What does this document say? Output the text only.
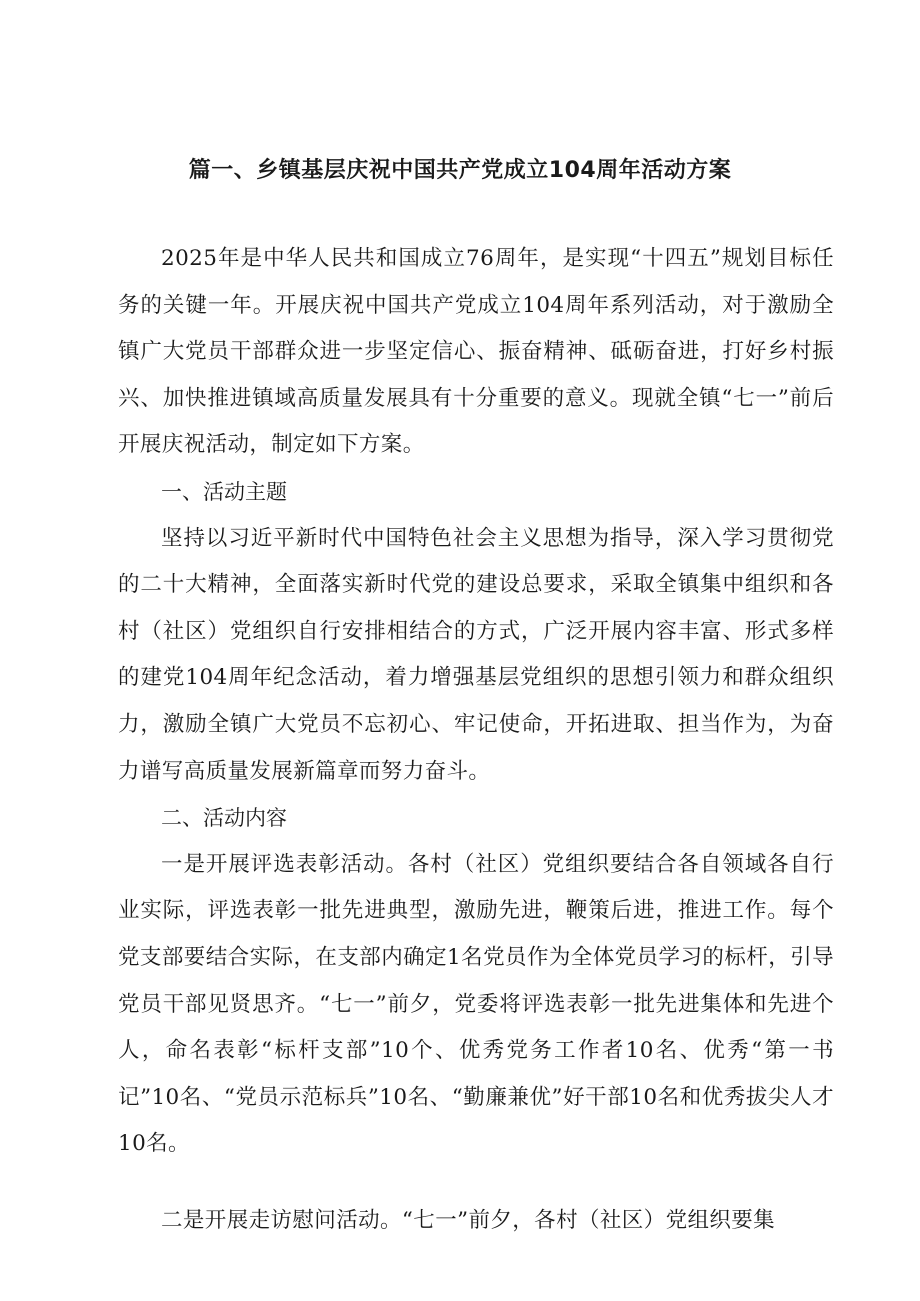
篇一、乡镇基层庆祝中国共产党成立104周年活动方案

2025年是中华人民共和国成立76周年，是实现“十四五”规划目标任务的关键一年。开展庆祝中国共产党成立104周年系列活动，对于激励全镇广大党员干部群众进一步坚定信心、振奋精神、砥砺奋进，打好乡村振兴、加快推进镇域高质量发展具有十分重要的意义。现就全镇“七一”前后开展庆祝活动，制定如下方案。

一、活动主题

坚持以习近平新时代中国特色社会主义思想为指导，深入学习贯彻党的二十大精神，全面落实新时代党的建设总要求，采取全镇集中组织和各村（社区）党组织自行安排相结合的方式，广泛开展内容丰富、形式多样的建党104周年纪念活动，着力增强基层党组织的思想引领力和群众组织力，激励全镇广大党员不忘初心、牢记使命，开拓进取、担当作为，为奋力谱写高质量发展新篇章而努力奋斗。

二、活动内容

一是开展评选表彰活动。各村（社区）党组织要结合各自领域各自行业实际，评选表彰一批先进典型，激励先进，鞭策后进，推进工作。每个党支部要结合实际，在支部内确定1名党员作为全体党员学习的标杆，引导党员干部见贤思齐。“七一”前夕，党委将评选表彰一批先进集体和先进个人，命名表彰“标杆支部”10个、优秀党务工作者10名、优秀“第一书记”10名、“党员示范标兵”10名、“勤廉兼优”好干部10名和优秀拔尖人才10名。

二是开展走访慰问活动。“七一”前夕，各村（社区）党组织要集
